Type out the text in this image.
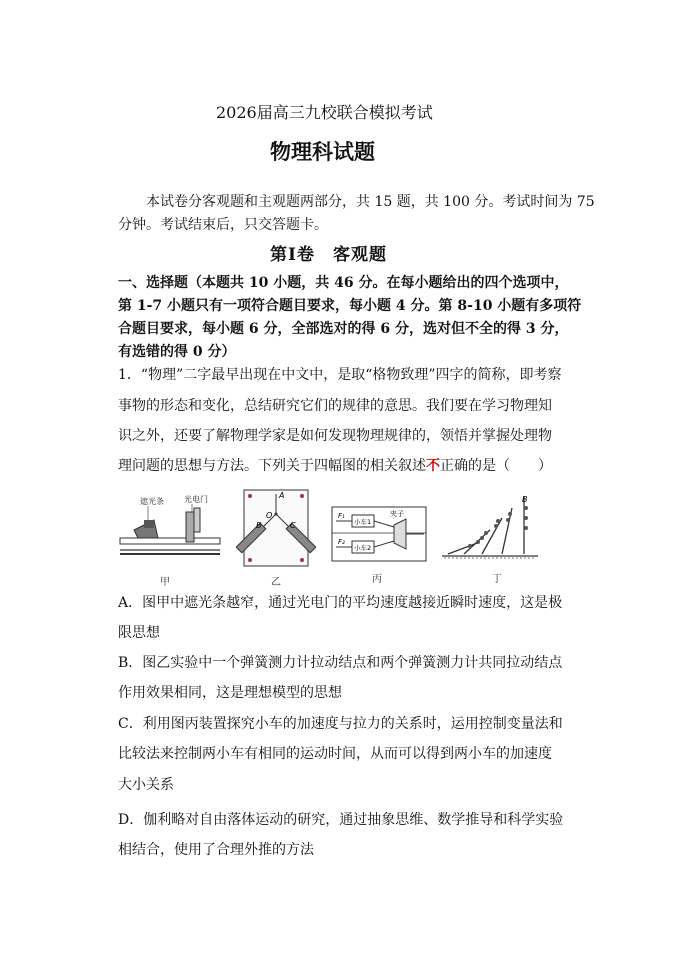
2026届高三九校联合模拟考试
物理科试题
本试卷分客观题和主观题两部分，共 15 题，共 100 分。考试时间为 75
分钟。考试结束后，只交答题卡。
第Ⅰ卷　客观题
一、选择题（本题共 10 小题，共 46 分。在每小题给出的四个选项中，
第 1-7 小题只有一项符合题目要求，每小题 4 分。第 8-10 小题有多项符
合题目要求，每小题 6 分，全部选对的得 6 分，选对但不全的得 3 分，
有选错的得 0 分）
1．“物理”二字最早出现在中文中，是取“格物致理”四字的简称，即考察
事物的形态和变化，总结研究它们的规律的意思。我们要在学习物理知
识之外，还要了解物理学家是如何发现物理规律的，领悟并掌握处理物
理问题的思想与方法。下列关于四幅图的相关叙述不正确的是（　　）
遮光条	光电门
甲
A
O
B	C
乙
F₁
F₂
小车1
小车2
夹子
丙
B
丁
A．图甲中遮光条越窄，通过光电门的平均速度越接近瞬时速度，这是极
限思想
B．图乙实验中一个弹簧测力计拉动结点和两个弹簧测力计共同拉动结点
作用效果相同，这是理想模型的思想
C．利用图丙装置探究小车的加速度与拉力的关系时，运用控制变量法和
比较法来控制两小车有相同的运动时间，从而可以得到两小车的加速度
大小关系
D．伽利略对自由落体运动的研究，通过抽象思维、数学推导和科学实验
相结合，使用了合理外推的方法
